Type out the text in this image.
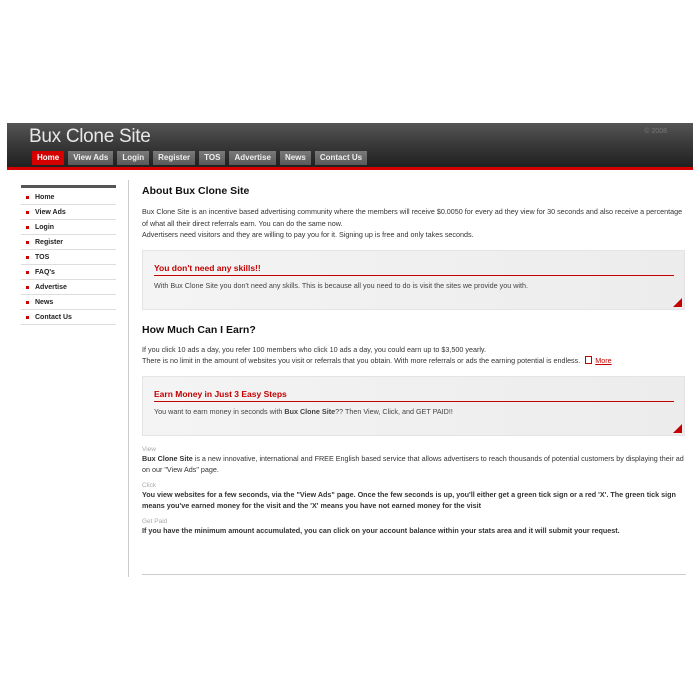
Bux Clone Site	© 2008
Home	View Ads	Login	Register	TOS	Advertise	News	Contact Us
Home
View Ads
Login
Register
TOS
FAQ's
Advertise
News
Contact Us
About Bux Clone Site

Bux Clone Site is an incentive based advertising community where the members will receive $0.0050 for every ad they view for 30 seconds and also receive a percentage of what all their direct referrals earn. You can do the same now.

Advertisers need visitors and they are willing to pay you for it. Signing up is free and only takes seconds.

You don't need any skills!!
With Bux Clone Site you don't need any skills. This is because all you need to do is visit the sites we provide you with.
How Much Can I Earn?

If you click 10 ads a day, you refer 100 members who click 10 ads a day, you could earn up to $3,500 yearly.

There is no limit in the amount of websites you visit or referrals that you obtain. With more referrals or ads the earning potential is endless. More

Earn Money in Just 3 Easy Steps
You want to earn money in seconds with Bux Clone Site?? Then View, Click, and GET PAID!!
View

Bux Clone Site is a new innovative, international and FREE English based service that allows advertisers to reach thousands of potential customers by displaying their ad on our "View Ads" page.

Click

You view websites for a few seconds, via the "View Ads" page. Once the few seconds is up, you'll either get a green tick sign or a red 'X'. The green tick sign means you've earned money for the visit and the 'X' means you have not earned money for the visit

Get Paid

If you have the minimum amount accumulated, you can click on your account balance within your stats area and it will submit your request.
